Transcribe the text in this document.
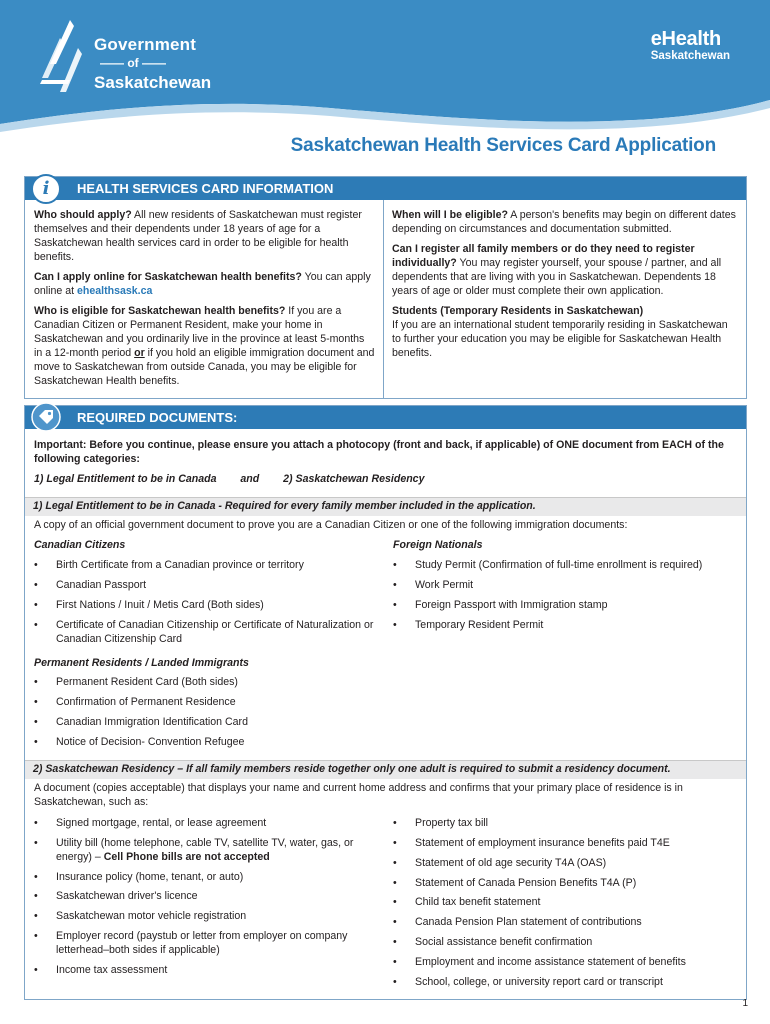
Government
—— of ——
Saskatchewan
eHealth
Saskatchewan
Saskatchewan Health Services Card Application
i	HEALTH SERVICES CARD INFORMATION

Who should apply? All new residents of Saskatchewan must register themselves and their dependents under 18 years of age for a Saskatchewan health services card in order to be eligible for health benefits.

Can I apply online for Saskatchewan health benefits? You can apply online at ehealthsask.ca

Who is eligible for Saskatchewan health benefits? If you are a Canadian Citizen or Permanent Resident, make your home in Saskatchewan and you ordinarily live in the province at least 5-months in a 12-month period or if you hold an eligible immigration document and move to Saskatchewan from outside Canada, you may be eligible for Saskatchewan Health benefits.

When will I be eligible? A person's benefits may begin on different dates depending on circumstances and documentation submitted.

Can I register all family members or do they need to register individually? You may register yourself, your spouse / partner, and all dependents that are living with you in Saskatchewan. Dependents 18 years of age or older must complete their own application.

Students (Temporary Residents in Saskatchewan)
If you are an international student temporarily residing in Saskatchewan to further your education you may be eligible for Saskatchewan Health benefits.

REQUIRED DOCUMENTS:

Important: Before you continue, please ensure you attach a photocopy (front and back, if applicable) of ONE document from EACH of the following categories:

1) Legal Entitlement to be in Canada and 2) Saskatchewan Residency

1) Legal Entitlement to be in Canada - Required for every family member included in the application.

A copy of an official government document to prove you are a Canadian Citizen or one of the following immigration documents:

Canadian Citizens

• Birth Certificate from a Canadian province or territory
• Canadian Passport
• First Nations / Inuit / Metis Card (Both sides)
• Certificate of Canadian Citizenship or Certificate of Naturalization or Canadian Citizenship Card

Foreign Nationals

• Study Permit (Confirmation of full-time enrollment is required)
• Work Permit
• Foreign Passport with Immigration stamp
• Temporary Resident Permit

Permanent Residents / Landed Immigrants

• Permanent Resident Card (Both sides)
• Confirmation of Permanent Residence
• Canadian Immigration Identification Card
• Notice of Decision- Convention Refugee
2) Saskatchewan Residency – If all family members reside together only one adult is required to submit a residency document.

A document (copies acceptable) that displays your name and current home address and confirms that your primary place of residence is in Saskatchewan, such as:

• Signed mortgage, rental, or lease agreement
• Utility bill (home telephone, cable TV, satellite TV, water, gas, or energy) – Cell Phone bills are not accepted
• Insurance policy (home, tenant, or auto)
• Saskatchewan driver's licence
• Saskatchewan motor vehicle registration
• Employer record (paystub or letter from employer on company letterhead–both sides if applicable)
• Income tax assessment
• Property tax bill
• Statement of employment insurance benefits paid T4E
• Statement of old age security T4A (OAS)
• Statement of Canada Pension Benefits T4A (P)
• Child tax benefit statement
• Canada Pension Plan statement of contributions
• Social assistance benefit confirmation
• Employment and income assistance statement of benefits
• School, college, or university report card or transcript
1
